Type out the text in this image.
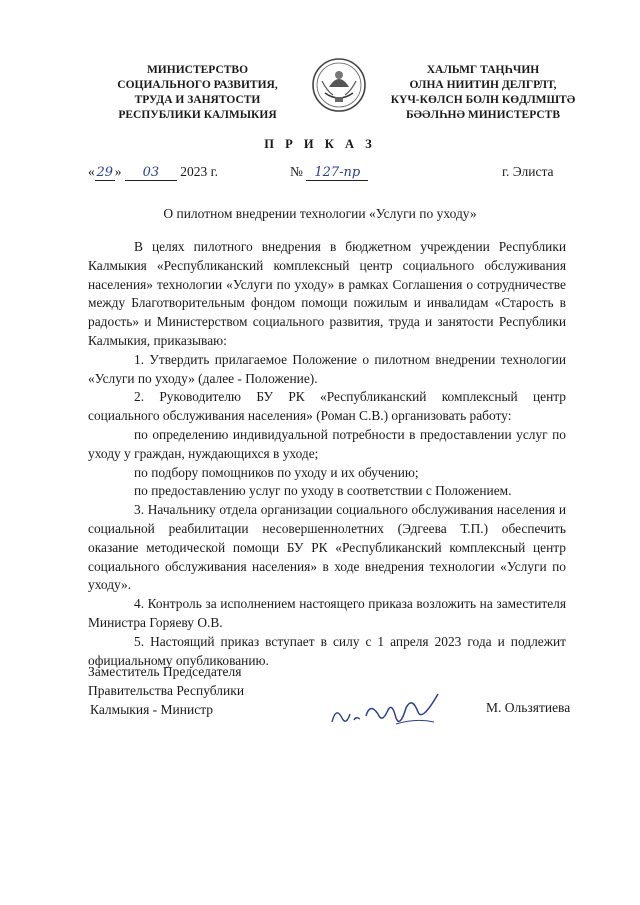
МИНИСТЕРСТВО
СОЦИАЛЬНОГО РАЗВИТИЯ,
ТРУДА И ЗАНЯТОСТИ
РЕСПУБЛИКИ КАЛМЫКИЯ
ХАЛЬМГ ТАҢҺЧИН
ОЛНА НИИТИН ДЕЛГРЛТ,
КҮЧ-КӨЛСН БОЛН КӨДЛМШТӘ
БӘӘЛҺНӘ МИНИСТЕРСТВ
П Р И К А З
« 29 » 03 2023 г.	№ 127-пр	г. Элиста
О пилотном внедрении технологии «Услуги по уходу»

В целях пилотного внедрения в бюджетном учреждении Республики Калмыкия «Республиканский комплексный центр социального обслуживания населения» технологии «Услуги по уходу» в рамках Соглашения о сотрудничестве между Благотворительным фондом помощи пожилым и инвалидам «Старость в радость» и Министерством социального развития, труда и занятости Республики Калмыкия, приказываю:

1. Утвердить прилагаемое Положение о пилотном внедрении технологии «Услуги по уходу» (далее - Положение).

2. Руководителю БУ РК «Республиканский комплексный центр социального обслуживания населения» (Роман С.В.) организовать работу:

по определению индивидуальной потребности в предоставлении услуг по уходу у граждан, нуждающихся в уходе;

по подбору помощников по уходу и их обучению;

по предоставлению услуг по уходу в соответствии с Положением.

3. Начальнику отдела организации социального обслуживания населения и социальной реабилитации несовершеннолетних (Эдгеева Т.П.) обеспечить оказание методической помощи БУ РК «Республиканский комплексный центр социального обслуживания населения» в ходе внедрения технологии «Услуги по уходу».

4. Контроль за исполнением настоящего приказа возложить на заместителя Министра Горяеву О.В.

5. Настоящий приказ вступает в силу с 1 апреля 2023 года и подлежит официальному опубликованию.

Заместитель Председателя
Правительства Республики
Калмыкия - Министр	М. Ользятиева
